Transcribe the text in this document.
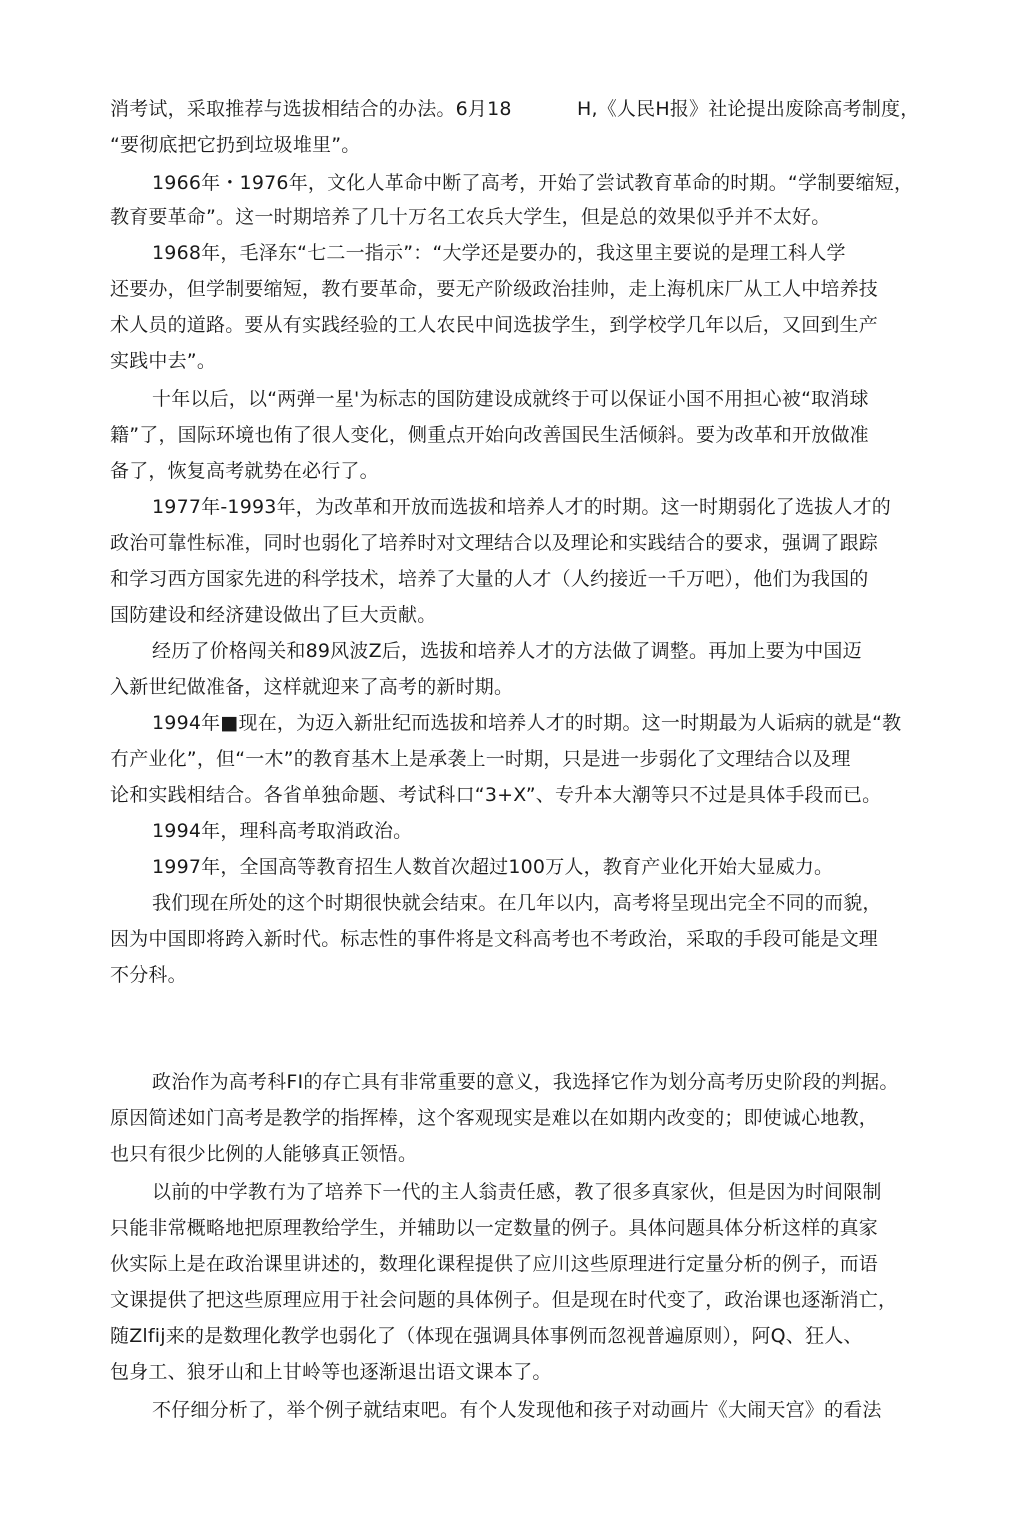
消考试，采取推荐与选拔相结合的办法。6月18	H,《人民H报》社论提出废除高考制度，
“要彻底把它扔到垃圾堆里”。
1966年・1976年，文化人革命中断了高考，开始了尝试教育革命的时期。“学制要缩短，
教育要革命”。这一时期培养了几十万名工农兵大学生，但是总的效果似乎并不太好。
1968年，毛泽东“七二一指示”：“大学还是要办的，我这里主要说的是理工科人学
还要办，但学制要缩短，教冇要革命，要无产阶级政治挂帅，走上海机床厂从工人中培养技
术人员的道路。要从有实践经验的工人农民中间选拔学生，到学校学几年以后，又回到生产
实践中去”。
十年以后，以“两弹一星'为标志的国防建设成就终于可以保证小国不用担心被“取消球
籍”了，国际环境也侑了很人变化，侧重点开始向改善国民生活倾斜。要为改革和开放做准
备了，恢复高考就势在必行了。
1977年-1993年，为改革和开放而选拔和培养人才的时期。这一时期弱化了选拔人才的
政治可靠性标准，同时也弱化了培养时对文理结合以及理论和实践结合的要求，强调了跟踪
和学习西方国家先进的科学技术，培养了大量的人才（人约接近一千万吧），他们为我国的
国防建设和经济建设做出了巨大贡献。
经历了价格闯关和89风波Z后，选拔和培养人才的方法做了调整。再加上要为中国迈
入新世纪做准备，这样就迎来了高考的新时期。
1994年■现在，为迈入新壯纪而选拔和培养人才的时期。这一时期最为人诟病的就是“教
冇产业化”，但“一木”的教育基木上是承袭上一时期，只是进一步弱化了文理结合以及理
论和实践相结合。各省单独命题、考试科口“3+X”、专升本大潮等只不过是具体手段而已。
1994年，理科高考取消政治。
1997年，全国高等教育招生人数首次超过100万人，教育产业化开始大显威力。
我们现在所处的这个时期很快就会结束。在几年以内，高考将呈现出完全不同的而貌，
因为中国即将跨入新时代。标志性的事件将是文科高考也不考政治，采取的手段可能是文理
不分科。
政治作为高考科FI的存亡具有非常重要的意义，我选择它作为划分高考历史阶段的判据。
原因简述如门高考是教学的指挥棒，这个客观现实是难以在如期内改变的；即使诚心地教，
也只有很少比例的人能够真正领悟。
以前的中学教冇为了培养下一代的主人翁责任感，教了很多真家伙，但是因为时间限制
只能非常概略地把原理教给学生，并辅助以一定数量的例子。具体问题具体分析这样的真家
伙实际上是在政治课里讲述的，数理化课程提供了应川这些原理进行定量分析的例子，而语
文课提供了把这些原理应用于社会问题的具体例子。但是现在时代变了，政治课也逐渐消亡，
随Zlfij来的是数理化教学也弱化了（体现在强调具体事例而忽视普遍原则），阿Q、狂人、
包身工、狼牙山和上甘岭等也逐渐退岀语文课本了。
不仔细分析了，举个例子就结束吧。有个人发现他和孩子对动画片《大闹天宫》的看法
